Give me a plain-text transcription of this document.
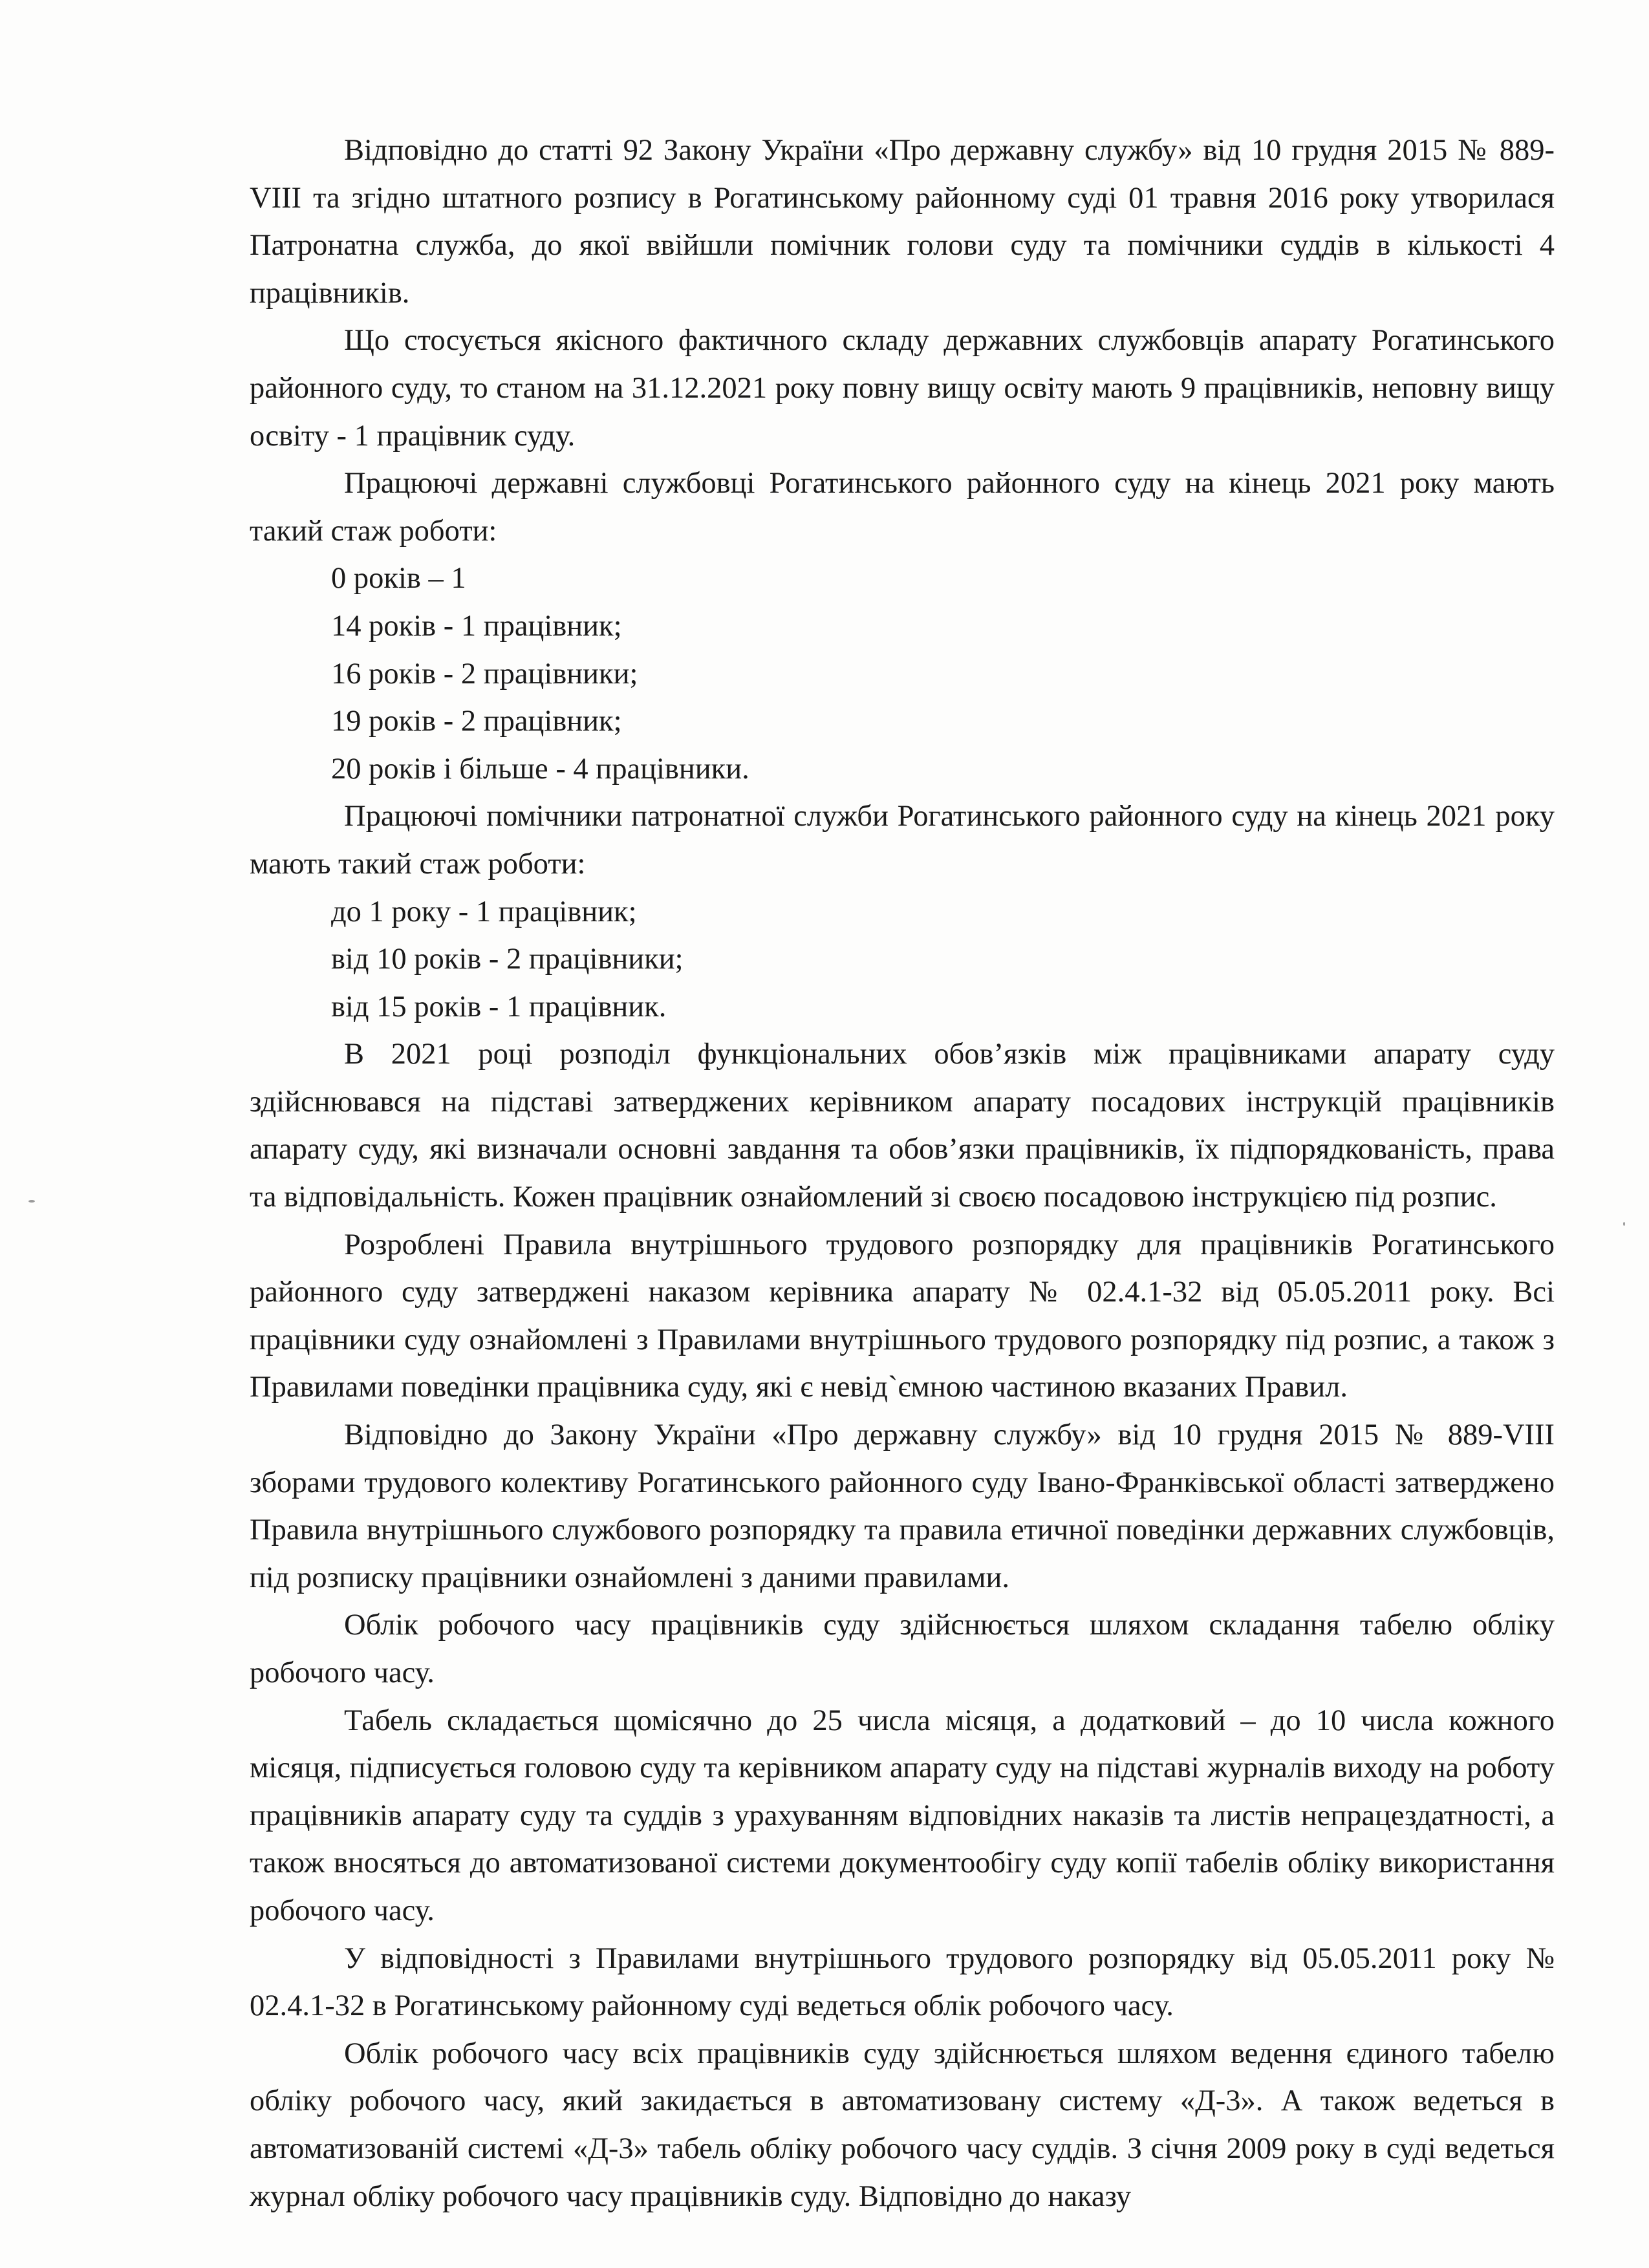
Відповідно до статті 92 Закону України «Про державну службу» від 10 грудня 2015 № 889-VIII та згідно штатного розпису в Рогатинському районному суді 01 травня 2016 року утворилася Патронатна служба, до якої ввійшли помічник голови суду та помічники суддів в кількості 4 працівників.

Що стосується якісного фактичного складу державних службовців апарату Рогатинського районного суду, то станом на 31.12.2021 року повну вищу освіту мають 9 працівників, неповну вищу освіту - 1 працівник суду.

Працюючі державні службовці Рогатинського районного суду на кінець 2021 року мають такий стаж роботи:

0 років – 1

14 років - 1 працівник;

16 років - 2 працівники;

19 років - 2 працівник;

20 років і більше - 4 працівники.

Працюючі помічники патронатної служби Рогатинського районного суду на кінець 2021 року мають такий стаж роботи:

до 1 року - 1 працівник;

від 10 років - 2 працівники;

від 15 років - 1 працівник.

В 2021 році розподіл функціональних обов’язків між працівниками апарату суду здійснювався на підставі затверджених керівником апарату посадових інструкцій працівників апарату суду, які визначали основні завдання та обов’язки працівників, їх підпорядкованість, права та відповідальність. Кожен працівник ознайомлений зі своєю посадовою інструкцією під розпис.

Розроблені Правила внутрішнього трудового розпорядку для працівників Рогатинського районного суду затверджені наказом керівника апарату № 02.4.1-32 від 05.05.2011 року. Всі працівники суду ознайомлені з Правилами внутрішнього трудового розпорядку під розпис, а також з Правилами поведінки працівника суду, які є невід`ємною частиною вказаних Правил.

Відповідно до Закону України «Про державну службу» від 10 грудня 2015 № 889-VIII зборами трудового колективу Рогатинського районного суду Івано-Франківської області затверджено Правила внутрішнього службового розпорядку та правила етичної поведінки державних службовців, під розписку працівники ознайомлені з даними правилами.

Облік робочого часу працівників суду здійснюється шляхом складання табелю обліку робочого часу.

Табель складається щомісячно до 25 числа місяця, а додатковий – до 10 числа кожного місяця, підписується головою суду та керівником апарату суду на підставі журналів виходу на роботу працівників апарату суду та суддів з урахуванням відповідних наказів та листів непрацездатності, а також вносяться до автоматизованої системи документообігу суду копії табелів обліку використання робочого часу.

У відповідності з Правилами внутрішнього трудового розпорядку від 05.05.2011 року № 02.4.1-32 в Рогатинському районному суді ведеться облік робочого часу.

Облік робочого часу всіх працівників суду здійснюється шляхом ведення єдиного табелю обліку робочого часу, який закидається в автоматизовану систему «Д-3». А також ведеться в автоматизованій системі «Д-3» табель обліку робочого часу суддів. З січня 2009 року в суді ведеться журнал обліку робочого часу працівників суду. Відповідно до наказу
